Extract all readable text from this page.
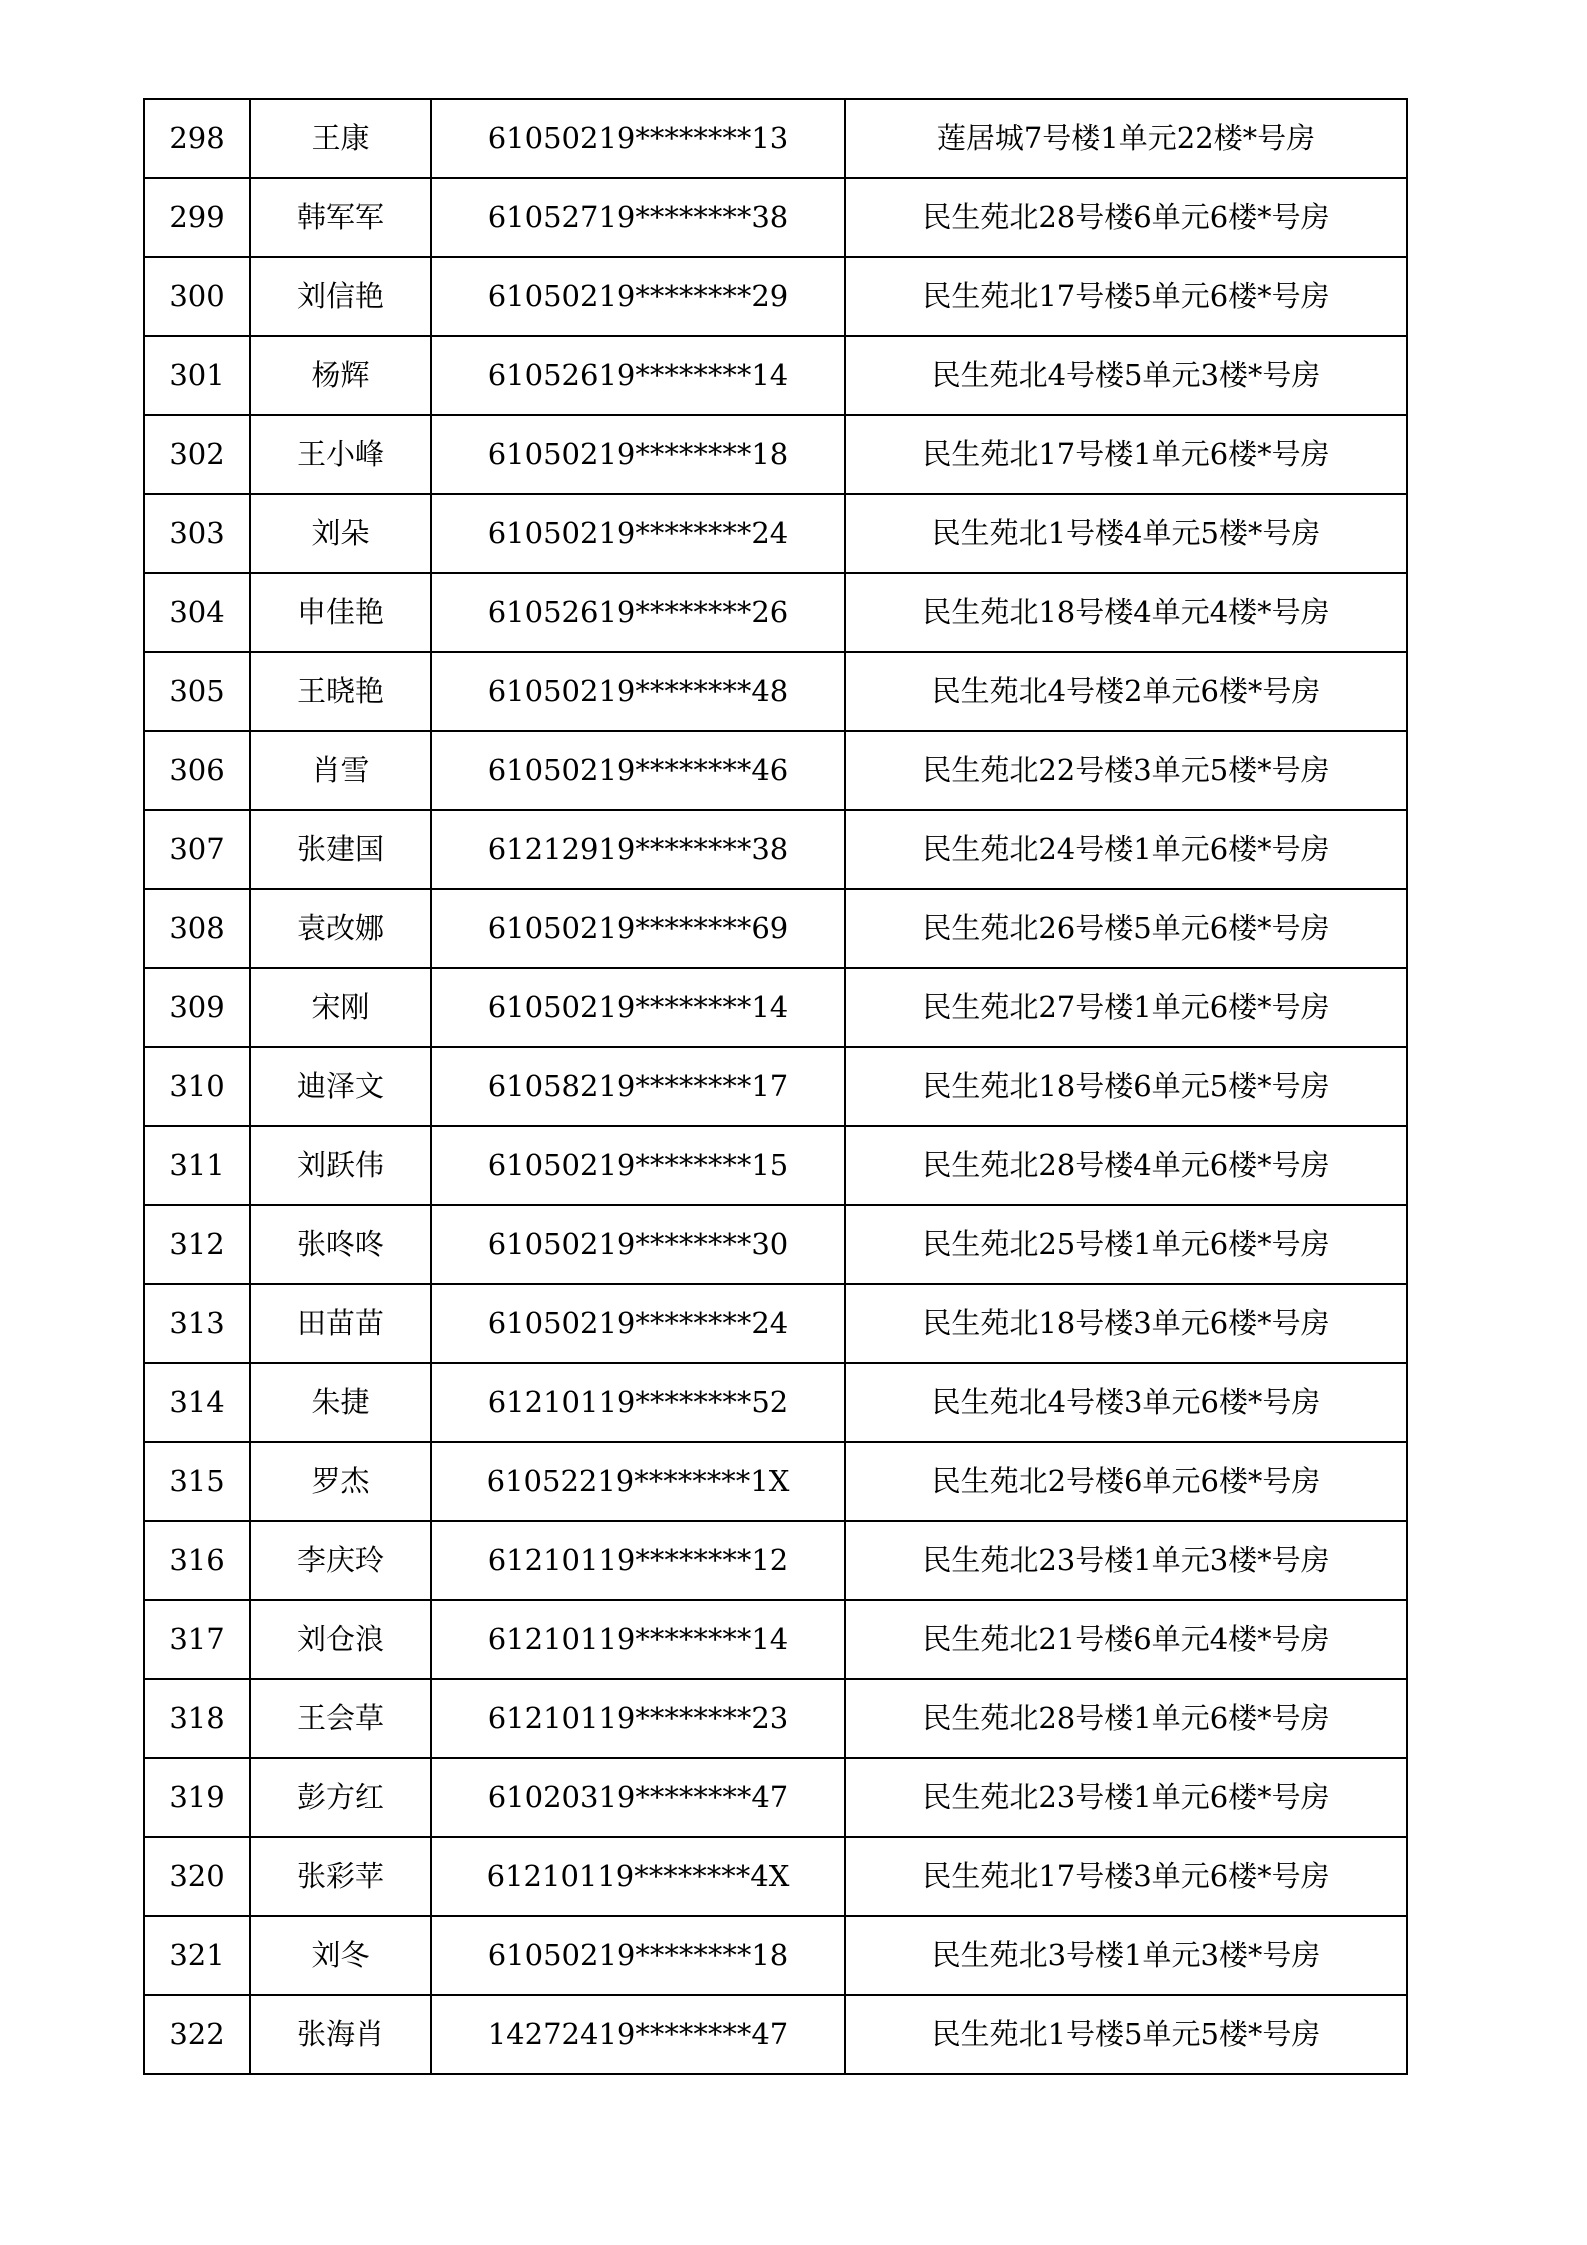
298	王康	61050219********13	莲居城7号楼1单元22楼*号房
299	韩军军	61052719********38	民生苑北28号楼6单元6楼*号房
300	刘信艳	61050219********29	民生苑北17号楼5单元6楼*号房
301	杨辉	61052619********14	民生苑北4号楼5单元3楼*号房
302	王小峰	61050219********18	民生苑北17号楼1单元6楼*号房
303	刘朵	61050219********24	民生苑北1号楼4单元5楼*号房
304	申佳艳	61052619********26	民生苑北18号楼4单元4楼*号房
305	王晓艳	61050219********48	民生苑北4号楼2单元6楼*号房
306	肖雪	61050219********46	民生苑北22号楼3单元5楼*号房
307	张建国	61212919********38	民生苑北24号楼1单元6楼*号房
308	袁改娜	61050219********69	民生苑北26号楼5单元6楼*号房
309	宋刚	61050219********14	民生苑北27号楼1单元6楼*号房
310	迪泽文	61058219********17	民生苑北18号楼6单元5楼*号房
311	刘跃伟	61050219********15	民生苑北28号楼4单元6楼*号房
312	张咚咚	61050219********30	民生苑北25号楼1单元6楼*号房
313	田苗苗	61050219********24	民生苑北18号楼3单元6楼*号房
314	朱捷	61210119********52	民生苑北4号楼3单元6楼*号房
315	罗杰	61052219********1X	民生苑北2号楼6单元6楼*号房
316	李庆玲	61210119********12	民生苑北23号楼1单元3楼*号房
317	刘仓浪	61210119********14	民生苑北21号楼6单元4楼*号房
318	王会草	61210119********23	民生苑北28号楼1单元6楼*号房
319	彭方红	61020319********47	民生苑北23号楼1单元6楼*号房
320	张彩苹	61210119********4X	民生苑北17号楼3单元6楼*号房
321	刘冬	61050219********18	民生苑北3号楼1单元3楼*号房
322	张海肖	14272419********47	民生苑北1号楼5单元5楼*号房
